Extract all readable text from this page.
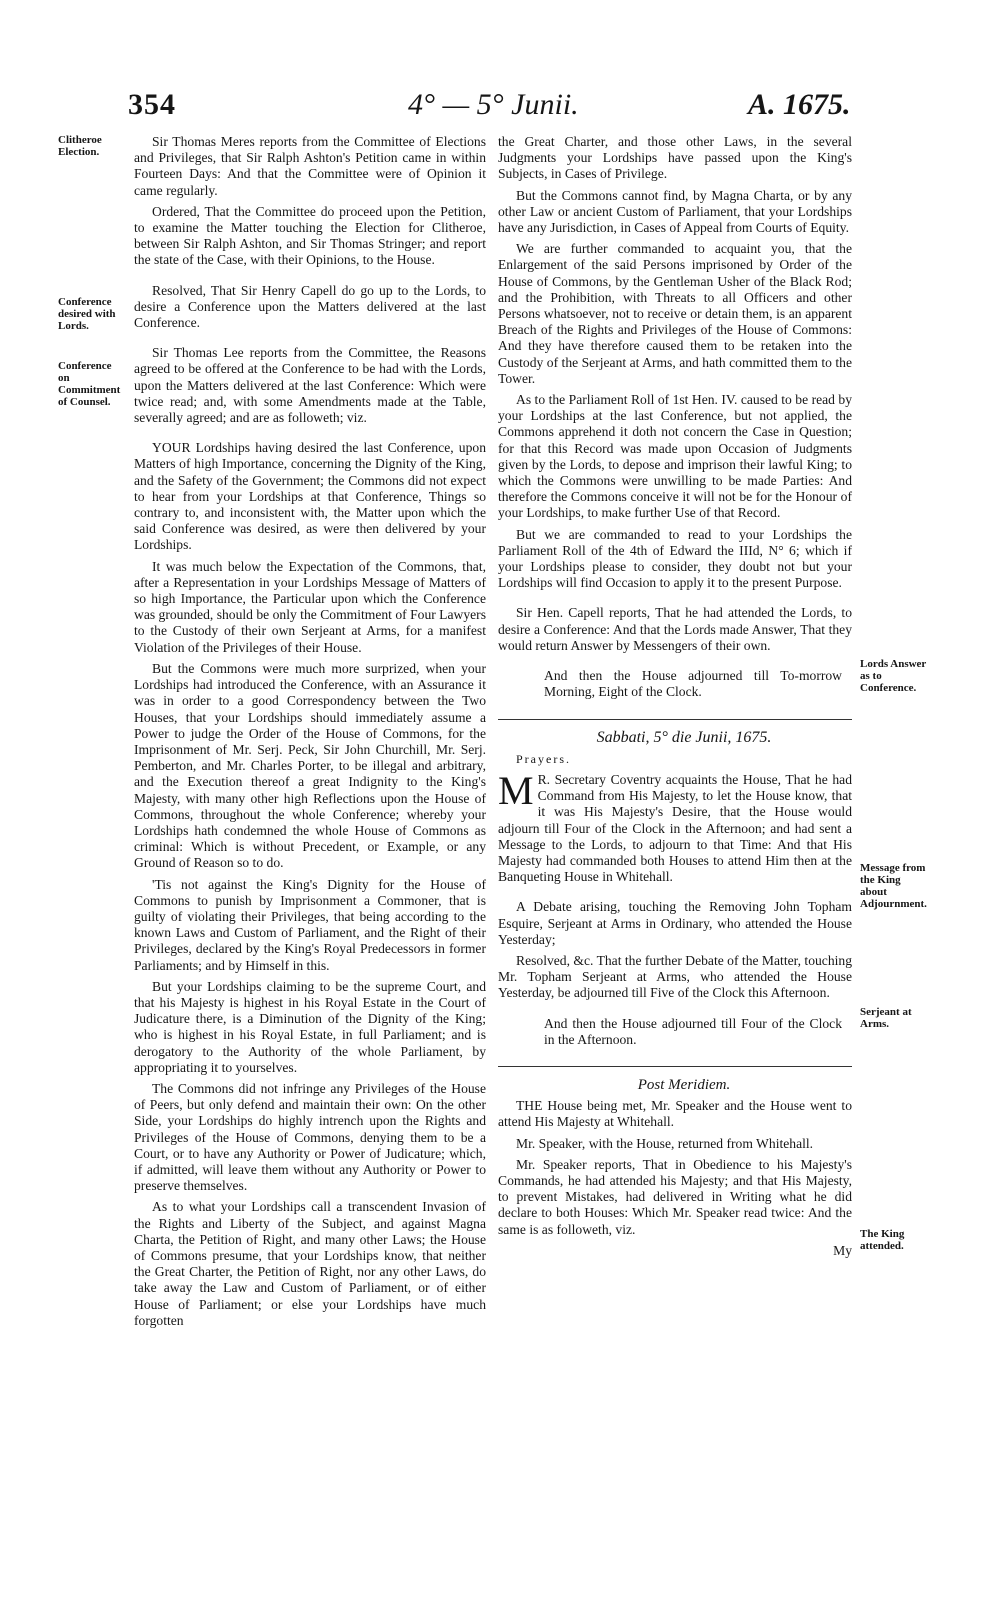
354	4° — 5° Junii.	A. 1675.
Clitheroe Election.
Conference desired with Lords.
Conference on Commitment of Counsel.
Lords Answer as to Conference.
Message from the King about Adjournment.
Serjeant at Arms.
The King attended.

Sir Thomas Meres reports from the Committee of Elections and Privileges, that Sir Ralph Ashton's Petition came in within Fourteen Days: And that the Committee were of Opinion it came regularly.

Ordered, That the Committee do proceed upon the Petition, to examine the Matter touching the Election for Clitheroe, between Sir Ralph Ashton, and Sir Thomas Stringer; and report the state of the Case, with their Opinions, to the House.

Resolved, That Sir Henry Capell do go up to the Lords, to desire a Conference upon the Matters delivered at the last Conference.

Sir Thomas Lee reports from the Committee, the Reasons agreed to be offered at the Conference to be had with the Lords, upon the Matters delivered at the last Conference: Which were twice read; and, with some Amendments made at the Table, severally agreed; and are as followeth; viz.

YOUR Lordships having desired the last Conference, upon Matters of high Importance, concerning the Dignity of the King, and the Safety of the Government; the Commons did not expect to hear from your Lordships at that Conference, Things so contrary to, and inconsistent with, the Matter upon which the said Conference was desired, as were then delivered by your Lordships.

It was much below the Expectation of the Commons, that, after a Representation in your Lordships Message of Matters of so high Importance, the Particular upon which the Conference was grounded, should be only the Commitment of Four Lawyers to the Custody of their own Serjeant at Arms, for a manifest Violation of the Privileges of their House.

But the Commons were much more surprized, when your Lordships had introduced the Conference, with an Assurance it was in order to a good Correspondency between the Two Houses, that your Lordships should immediately assume a Power to judge the Order of the House of Commons, for the Imprisonment of Mr. Serj. Peck, Sir John Churchill, Mr. Serj. Pemberton, and Mr. Charles Porter, to be illegal and arbitrary, and the Execution thereof a great Indignity to the King's Majesty, with many other high Reflections upon the House of Commons, throughout the whole Conference; whereby your Lordships hath condemned the whole House of Commons as criminal: Which is without Precedent, or Example, or any Ground of Reason so to do.

'Tis not against the King's Dignity for the House of Commons to punish by Imprisonment a Commoner, that is guilty of violating their Privileges, that being according to the known Laws and Custom of Parliament, and the Right of their Privileges, declared by the King's Royal Predecessors in former Parliaments; and by Himself in this.

But your Lordships claiming to be the supreme Court, and that his Majesty is highest in his Royal Estate in the Court of Judicature there, is a Diminution of the Dignity of the King; who is highest in his Royal Estate, in full Parliament; and is derogatory to the Authority of the whole Parliament, by appropriating it to yourselves.

The Commons did not infringe any Privileges of the House of Peers, but only defend and maintain their own: On the other Side, your Lordships do highly intrench upon the Rights and Privileges of the House of Commons, denying them to be a Court, or to have any Authority or Power of Judicature; which, if admitted, will leave them without any Authority or Power to preserve themselves.

As to what your Lordships call a transcendent Invasion of the Rights and Liberty of the Subject, and against Magna Charta, the Petition of Right, and many other Laws; the House of Commons presume, that your Lordships know, that neither the Great Charter, the Petition of Right, nor any other Laws, do take away the Law and Custom of Parliament, or of either House of Parliament; or else your Lordships have much forgotten

the Great Charter, and those other Laws, in the several Judgments your Lordships have passed upon the King's Subjects, in Cases of Privilege.

But the Commons cannot find, by Magna Charta, or by any other Law or ancient Custom of Parliament, that your Lordships have any Jurisdiction, in Cases of Appeal from Courts of Equity.

We are further commanded to acquaint you, that the Enlargement of the said Persons imprisoned by Order of the House of Commons, by the Gentleman Usher of the Black Rod; and the Prohibition, with Threats to all Officers and other Persons whatsoever, not to receive or detain them, is an apparent Breach of the Rights and Privileges of the House of Commons: And they have therefore caused them to be retaken into the Custody of the Serjeant at Arms, and hath committed them to the Tower.

As to the Parliament Roll of 1st Hen. IV. caused to be read by your Lordships at the last Conference, but not applied, the Commons apprehend it doth not concern the Case in Question; for that this Record was made upon Occasion of Judgments given by the Lords, to depose and imprison their lawful King; to which the Commons were unwilling to be made Parties: And therefore the Commons conceive it will not be for the Honour of your Lordships, to make further Use of that Record.

But we are commanded to read to your Lordships the Parliament Roll of the 4th of Edward the IIId, N° 6; which if your Lordships please to consider, they doubt not but your Lordships will find Occasion to apply it to the present Purpose.

Sir Hen. Capell reports, That he had attended the Lords, to desire a Conference: And that the Lords made Answer, That they would return Answer by Messengers of their own.

And then the House adjourned till To-morrow Morning, Eight of the Clock.

Sabbati, 5° die Junii, 1675.

Prayers.

M R. Secretary Coventry acquaints the House, That he had Command from His Majesty, to let the House know, that it was His Majesty's Desire, that the House would adjourn till Four of the Clock in the Afternoon; and had sent a Message to the Lords, to adjourn to that Time: And that His Majesty had commanded both Houses to attend Him then at the Banqueting House in Whitehall.

A Debate arising, touching the Removing John Topham Esquire, Serjeant at Arms in Ordinary, who attended the House Yesterday;

Resolved, &c. That the further Debate of the Matter, touching Mr. Topham Serjeant at Arms, who attended the House Yesterday, be adjourned till Five of the Clock this Afternoon.

And then the House adjourned till Four of the Clock in the Afternoon.

Post Meridiem.

THE House being met, Mr. Speaker and the House went to attend His Majesty at Whitehall.

Mr. Speaker, with the House, returned from Whitehall.

Mr. Speaker reports, That in Obedience to his Majesty's Commands, he had attended his Majesty; and that His Majesty, to prevent Mistakes, had delivered in Writing what he did declare to both Houses: Which Mr. Speaker read twice: And the same is as followeth, viz.

My
